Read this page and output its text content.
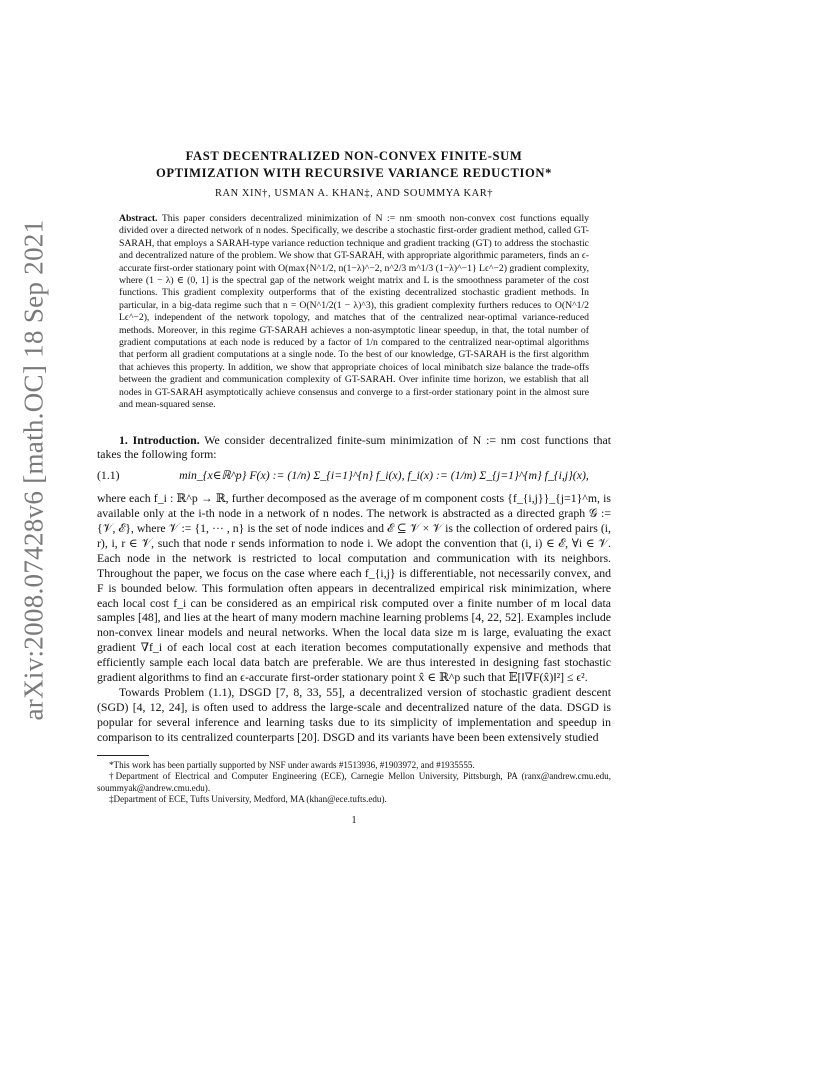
arXiv:2008.07428v6 [math.OC] 18 Sep 2021
FAST DECENTRALIZED NON-CONVEX FINITE-SUM
OPTIMIZATION WITH RECURSIVE VARIANCE REDUCTION*
RAN XIN†, USMAN A. KHAN‡, AND SOUMMYA KAR†
Abstract. This paper considers decentralized minimization of N := nm smooth non-convex cost functions equally divided over a directed network of n nodes. Specifically, we describe a stochastic first-order gradient method, called GT-SARAH, that employs a SARAH-type variance reduction technique and gradient tracking (GT) to address the stochastic and decentralized nature of the problem. We show that GT-SARAH, with appropriate algorithmic parameters, finds an ϵ-accurate first-order stationary point with O(max{N^1/2, n(1−λ)^−2, n^2/3 m^1/3 (1−λ)^−1} Lϵ^−2) gradient complexity, where (1 − λ) ∈ (0, 1] is the spectral gap of the network weight matrix and L is the smoothness parameter of the cost functions. This gradient complexity outperforms that of the existing decentralized stochastic gradient methods. In particular, in a big-data regime such that n = O(N^1/2(1 − λ)^3), this gradient complexity furthers reduces to O(N^1/2 Lϵ^−2), independent of the network topology, and matches that of the centralized near-optimal variance-reduced methods. Moreover, in this regime GT-SARAH achieves a non-asymptotic linear speedup, in that, the total number of gradient computations at each node is reduced by a factor of 1/n compared to the centralized near-optimal algorithms that perform all gradient computations at a single node. To the best of our knowledge, GT-SARAH is the first algorithm that achieves this property. In addition, we show that appropriate choices of local minibatch size balance the trade-offs between the gradient and communication complexity of GT-SARAH. Over infinite time horizon, we establish that all nodes in GT-SARAH asymptotically achieve consensus and converge to a first-order stationary point in the almost sure and mean-squared sense.

1. Introduction. We consider decentralized finite-sum minimization of N := nm cost functions that takes the following form:

(1.1)	min_{x∈ℝ^p} F(x) := (1/n) Σ_{i=1}^{n} f_i(x), f_i(x) := (1/m) Σ_{j=1}^{m} f_{i,j}(x),

where each f_i : ℝ^p → ℝ, further decomposed as the average of m component costs {f_{i,j}}_{j=1}^m, is available only at the i-th node in a network of n nodes. The network is abstracted as a directed graph 𝒢 := {𝒱, ℰ}, where 𝒱 := {1, ··· , n} is the set of node indices and ℰ ⊆ 𝒱 × 𝒱 is the collection of ordered pairs (i, r), i, r ∈ 𝒱, such that node r sends information to node i. We adopt the convention that (i, i) ∈ ℰ, ∀i ∈ 𝒱. Each node in the network is restricted to local computation and communication with its neighbors. Throughout the paper, we focus on the case where each f_{i,j} is differentiable, not necessarily convex, and F is bounded below. This formulation often appears in decentralized empirical risk minimization, where each local cost f_i can be considered as an empirical risk computed over a finite number of m local data samples [48], and lies at the heart of many modern machine learning problems [4, 22, 52]. Examples include non-convex linear models and neural networks. When the local data size m is large, evaluating the exact gradient ∇f_i of each local cost at each iteration becomes computationally expensive and methods that efficiently sample each local data batch are preferable. We are thus interested in designing fast stochastic gradient algorithms to find an ϵ-accurate first-order stationary point x̂ ∈ ℝ^p such that 𝔼[‖∇F(x̂)‖²] ≤ ϵ².

Towards Problem (1.1), DSGD [7, 8, 33, 55], a decentralized version of stochastic gradient descent (SGD) [4, 12, 24], is often used to address the large-scale and decentralized nature of the data. DSGD is popular for several inference and learning tasks due to its simplicity of implementation and speedup in comparison to its centralized counterparts [20]. DSGD and its variants have been been extensively studied

*This work has been partially supported by NSF under awards #1513936, #1903972, and #1935555.

†Department of Electrical and Computer Engineering (ECE), Carnegie Mellon University, Pittsburgh, PA (ranx@andrew.cmu.edu, soummyak@andrew.cmu.edu).

‡Department of ECE, Tufts University, Medford, MA (khan@ece.tufts.edu).

1
